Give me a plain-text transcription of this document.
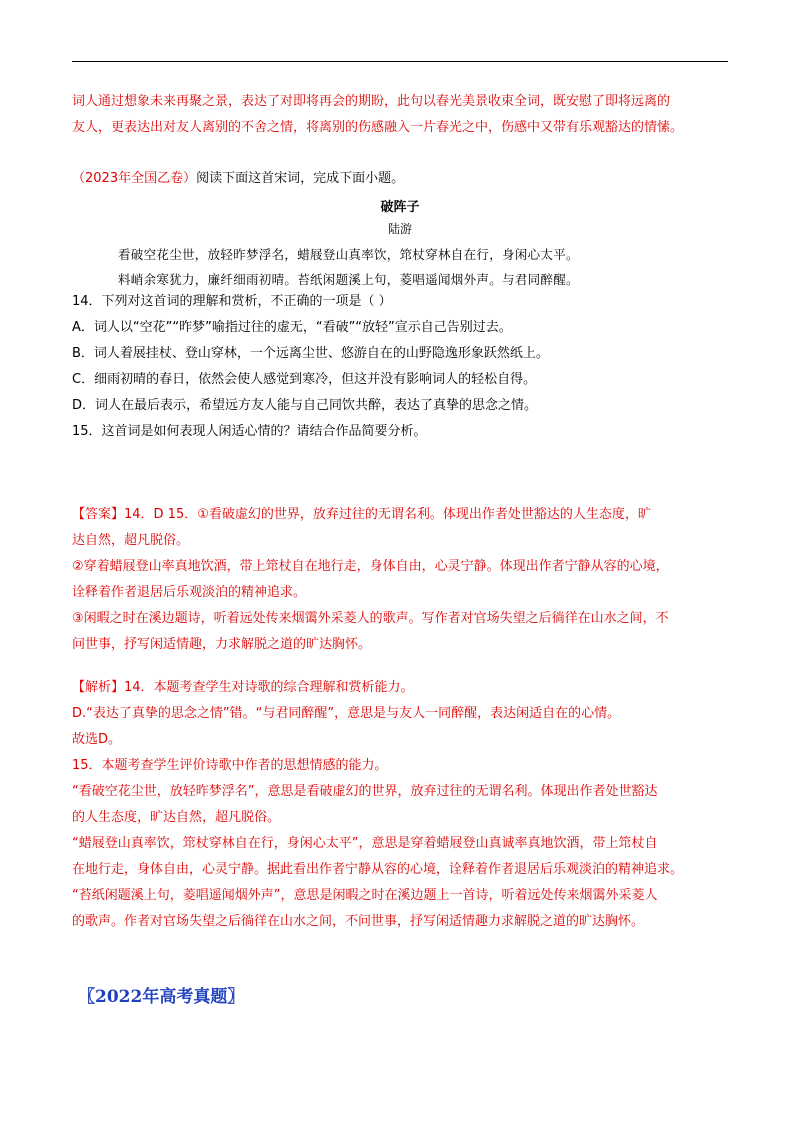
词人通过想象未来再聚之景，表达了对即将再会的期盼，此句以春光美景收束全词，既安慰了即将远离的

友人，更表达出对友人离别的不舍之情，将离别的伤感融入一片春光之中，伤感中又带有乐观豁达的情愫。

（2023年全国乙卷）阅读下面这首宋词，完成下面小题。

破阵子
陆游
看破空花尘世，放轻昨梦浮名，蜡屐登山真率饮，筇杖穿林自在行，身闲心太平。
料峭余寒犹力，廉纤细雨初晴。苔纸闲题溪上句，菱唱遥闻烟外声。与君同醉醒。

14．下列对这首词的理解和赏析，不正确的一项是（ ）

A．词人以“空花”“昨梦”喻指过往的虚无，“看破”“放轻”宣示自己告别过去。

B．词人着展挂杖、登山穿林，一个远离尘世、悠游自在的山野隐逸形象跃然纸上。

C．细雨初晴的春日，依然会使人感觉到寒冷，但这并没有影响词人的轻松自得。

D．词人在最后表示，希望远方友人能与自己同饮共醉，表达了真挚的思念之情。

15．这首词是如何表现人闲适心情的？请结合作品简要分析。

【答案】14．D 15．①看破虚幻的世界，放弃过往的无谓名利。体现出作者处世豁达的人生态度，旷

达自然，超凡脱俗。

②穿着蜡屐登山率真地饮酒，带上筇杖自在地行走，身体自由，心灵宁静。体现出作者宁静从容的心境，

诠释着作者退居后乐观淡泊的精神追求。

③闲暇之时在溪边题诗，听着远处传来烟霭外采菱人的歌声。写作者对官场失望之后徜徉在山水之间，不

问世事，抒写闲适情趣，力求解脱之道的旷达胸怀。

【解析】14．本题考查学生对诗歌的综合理解和赏析能力。

D.“表达了真挚的思念之情”错。“与君同醉醒”，意思是与友人一同醉醒，表达闲适自在的心情。

故选D。

15．本题考查学生评价诗歌中作者的思想情感的能力。

“看破空花尘世，放轻昨梦浮名”，意思是看破虚幻的世界，放弃过往的无谓名利。体现出作者处世豁达

的人生态度，旷达自然，超凡脱俗。

“蜡屐登山真率饮，筇杖穿林自在行，身闲心太平”，意思是穿着蜡屐登山真诚率真地饮酒，带上筇杖自

在地行走，身体自由，心灵宁静。据此看出作者宁静从容的心境，诠释着作者退居后乐观淡泊的精神追求。

“苔纸闲题溪上句，菱唱遥闻烟外声”，意思是闲暇之时在溪边题上一首诗，听着远处传来烟霭外采菱人

的歌声。作者对官场失望之后徜徉在山水之间，不问世事，抒写闲适情趣力求解脱之道的旷达胸怀。

〖2022年高考真题〗
